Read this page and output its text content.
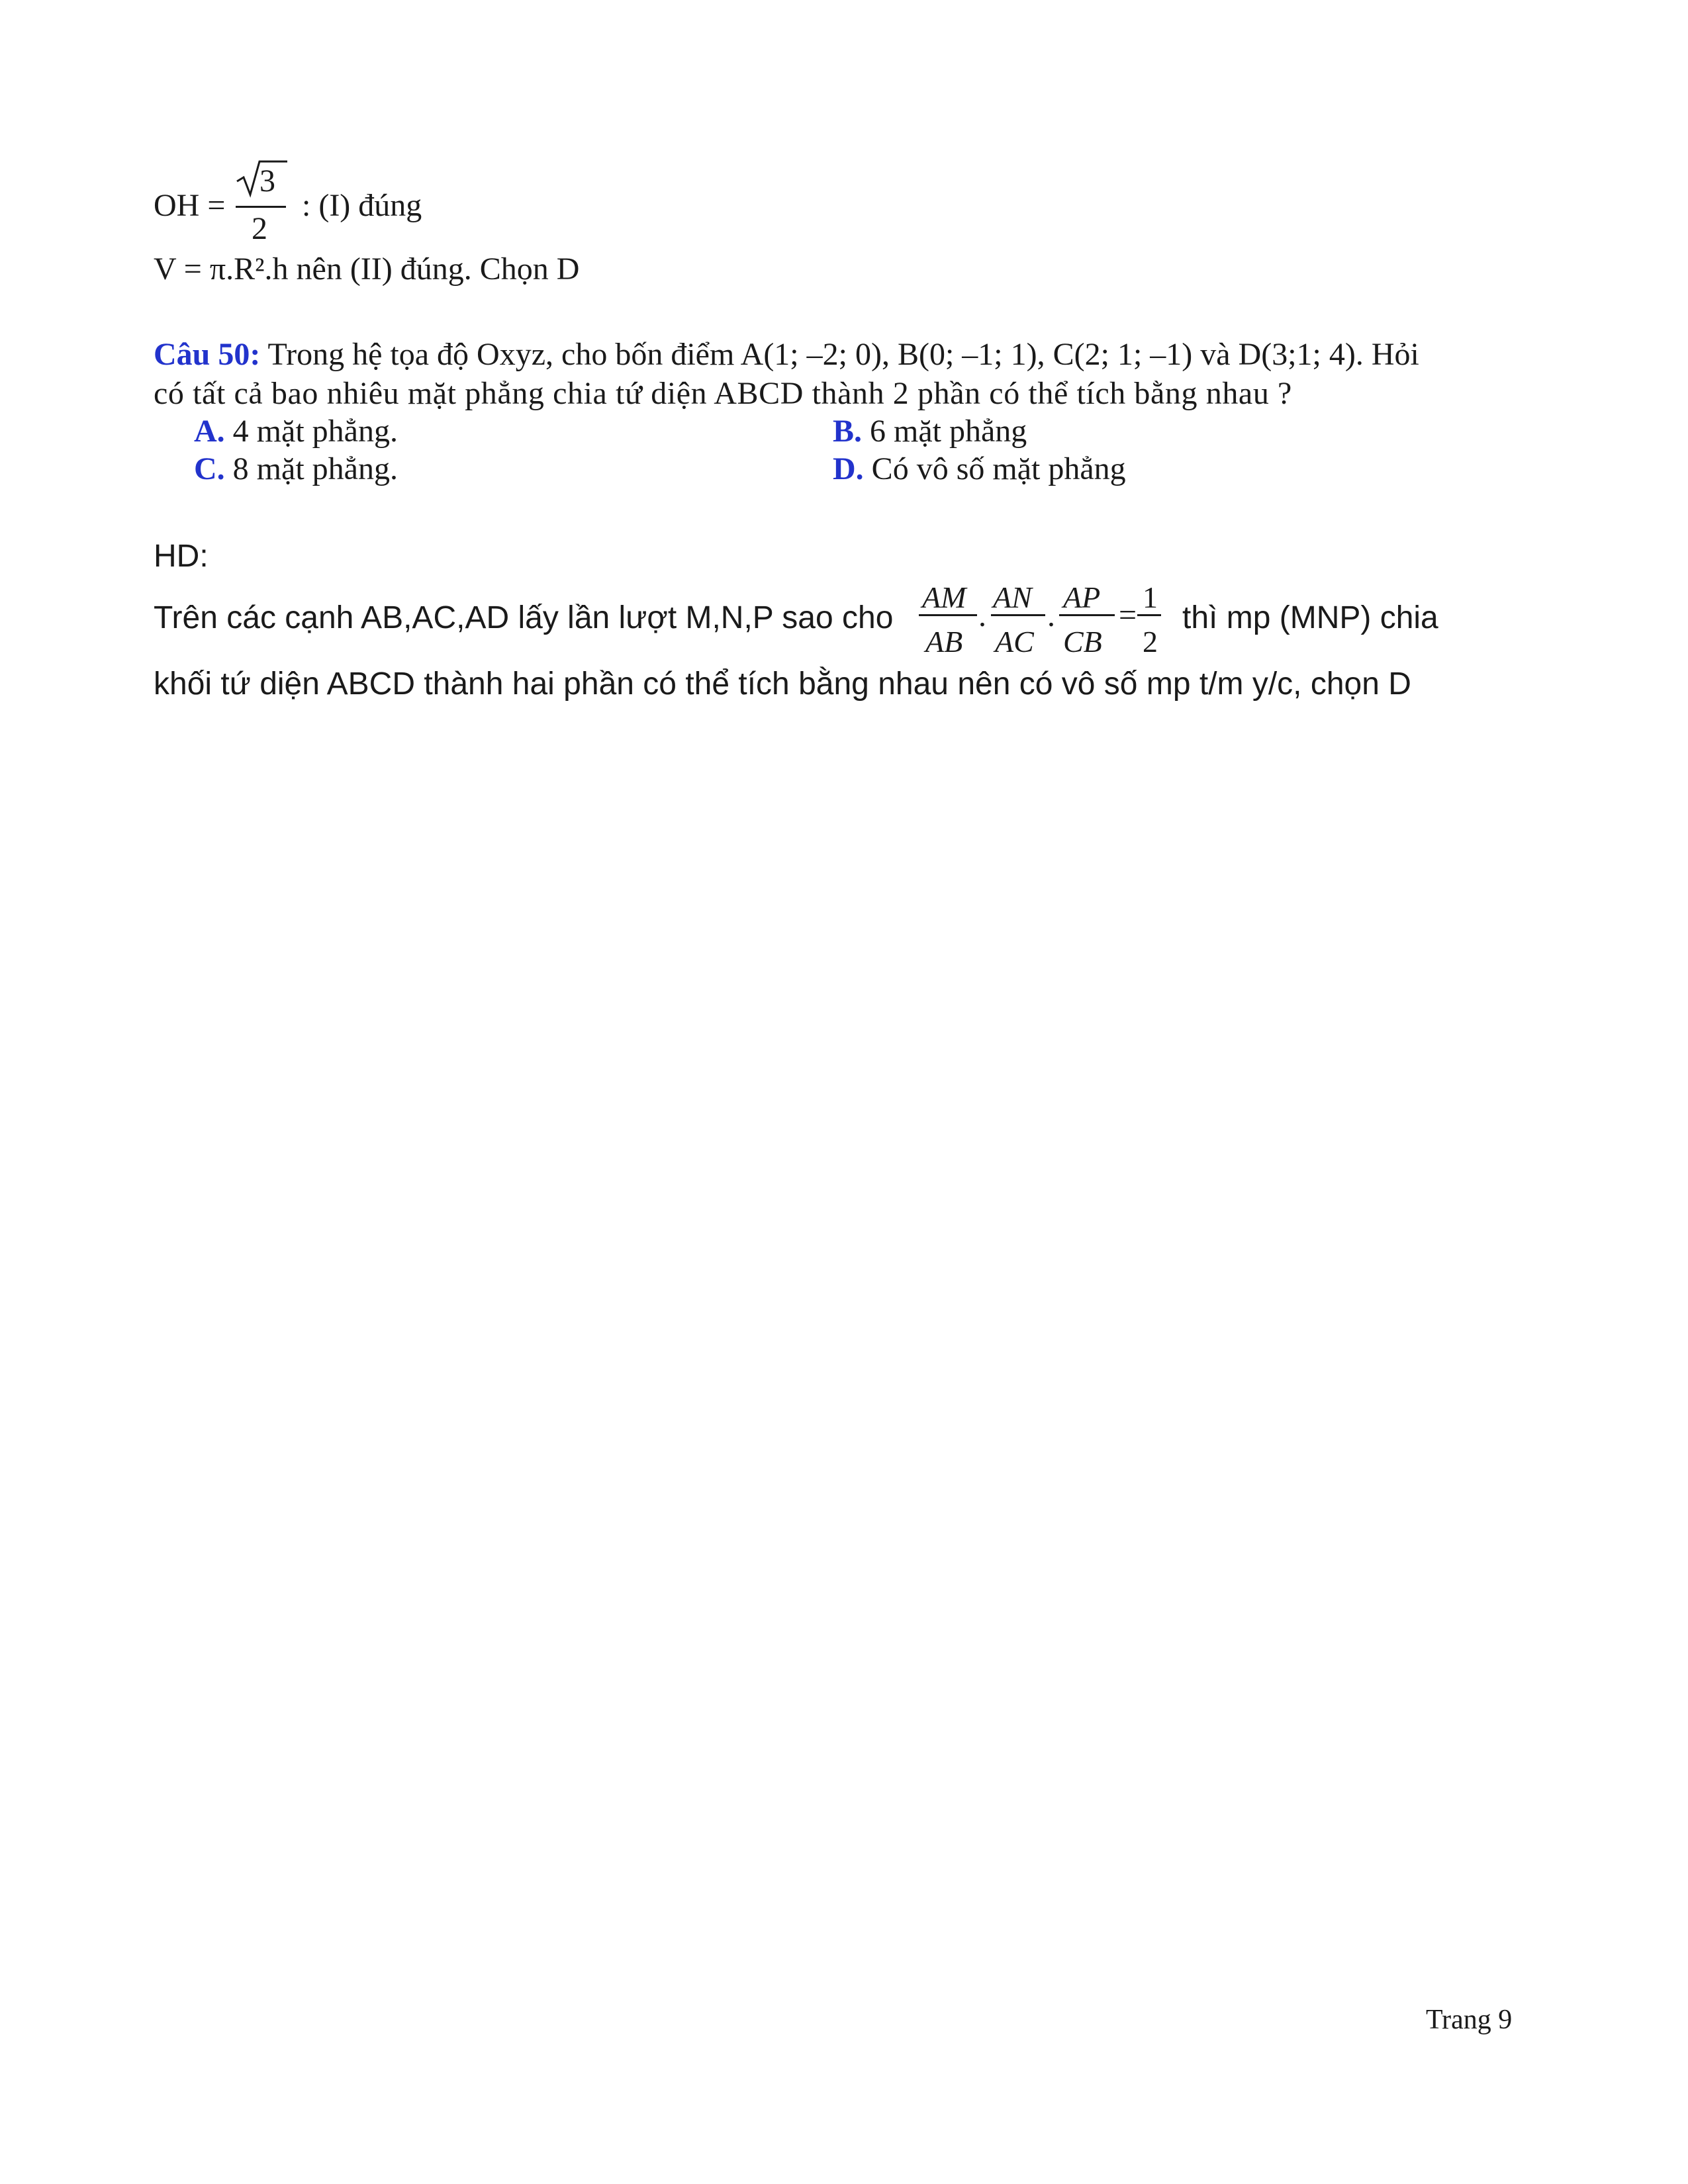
OH =
3
2
: (I) đúng
V = π.R².h nên (II) đúng. Chọn D
Câu 50: Trong hệ tọa độ Oxyz, cho bốn điểm A(1; –2; 0), B(0; –1; 1), C(2; 1; –1) và D(3;1; 4). Hỏi
có tất cả bao nhiêu mặt phẳng chia tứ diện ABCD thành 2 phần có thể tích bằng nhau ?
A. 4 mặt phẳng.	B. 6 mặt phẳng
C. 8 mặt phẳng.	D. Có vô số mặt phẳng
HD:
Trên các cạnh AB,AC,AD lấy lần lượt M,N,P sao cho
AM
AB
.
AN
AC
.
AP
CB
=
1
2
thì mp (MNP) chia
khối tứ diện ABCD thành hai phần có thể tích bằng nhau nên có vô số mp t/m y/c, chọn D
Trang 9
